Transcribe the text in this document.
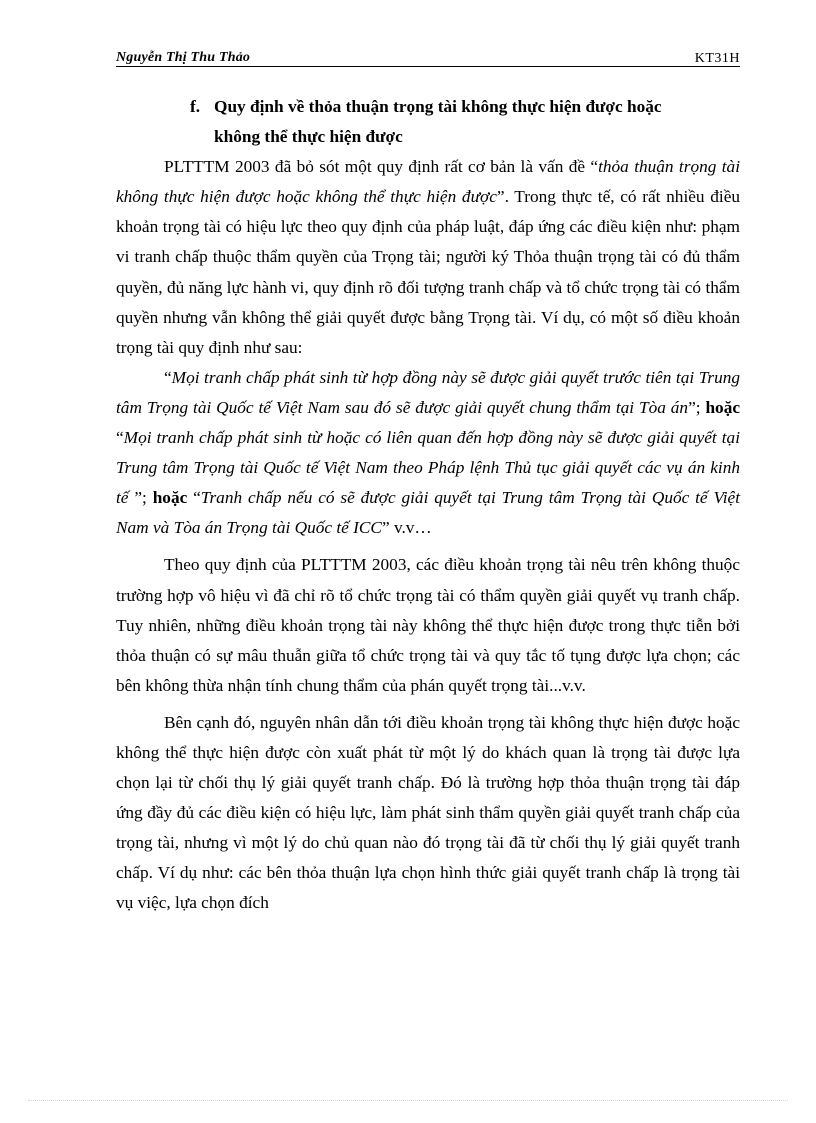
Nguyễn Thị Thu Thảo	KT31H

f. Quy định về thỏa thuận trọng tài không thực hiện được hoặc
không thể thực hiện được

PLTTTM 2003 đã bỏ sót một quy định rất cơ bản là vấn đề “thỏa thuận trọng tài không thực hiện được hoặc không thể thực hiện được”. Trong thực tế, có rất nhiều điều khoản trọng tài có hiệu lực theo quy định của pháp luật, đáp ứng các điều kiện như: phạm vi tranh chấp thuộc thẩm quyền của Trọng tài; người ký Thỏa thuận trọng tài có đủ thẩm quyền, đủ năng lực hành vi, quy định rõ đối tượng tranh chấp và tổ chức trọng tài có thẩm quyền nhưng vẫn không thể giải quyết được bằng Trọng tài. Ví dụ, có một số điều khoản trọng tài quy định như sau:

“Mọi tranh chấp phát sinh từ hợp đồng này sẽ được giải quyết trước tiên tại Trung tâm Trọng tài Quốc tế Việt Nam sau đó sẽ được giải quyết chung thẩm tại Tòa án”; hoặc “Mọi tranh chấp phát sinh từ hoặc có liên quan đến hợp đồng này sẽ được giải quyết tại Trung tâm Trọng tài Quốc tế Việt Nam theo Pháp lệnh Thủ tục giải quyết các vụ án kinh tế ”; hoặc “Tranh chấp nếu có sẽ được giải quyết tại Trung tâm Trọng tài Quốc tế Việt Nam và Tòa án Trọng tài Quốc tế ICC” v.v…

Theo quy định của PLTTTM 2003, các điều khoản trọng tài nêu trên không thuộc trường hợp vô hiệu vì đã chỉ rõ tổ chức trọng tài có thẩm quyền giải quyết vụ tranh chấp. Tuy nhiên, những điều khoản trọng tài này không thể thực hiện được trong thực tiễn bởi thỏa thuận có sự mâu thuẫn giữa tổ chức trọng tài và quy tắc tố tụng được lựa chọn; các bên không thừa nhận tính chung thẩm của phán quyết trọng tài...v.v.

Bên cạnh đó, nguyên nhân dẫn tới điều khoản trọng tài không thực hiện được hoặc không thể thực hiện được còn xuất phát từ một lý do khách quan là trọng tài được lựa chọn lại từ chối thụ lý giải quyết tranh chấp. Đó là trường hợp thỏa thuận trọng tài đáp ứng đầy đủ các điều kiện có hiệu lực, làm phát sinh thẩm quyền giải quyết tranh chấp của trọng tài, nhưng vì một lý do chủ quan nào đó trọng tài đã từ chối thụ lý giải quyết tranh chấp. Ví dụ như: các bên thỏa thuận lựa chọn hình thức giải quyết tranh chấp là trọng tài vụ việc, lựa chọn đích
